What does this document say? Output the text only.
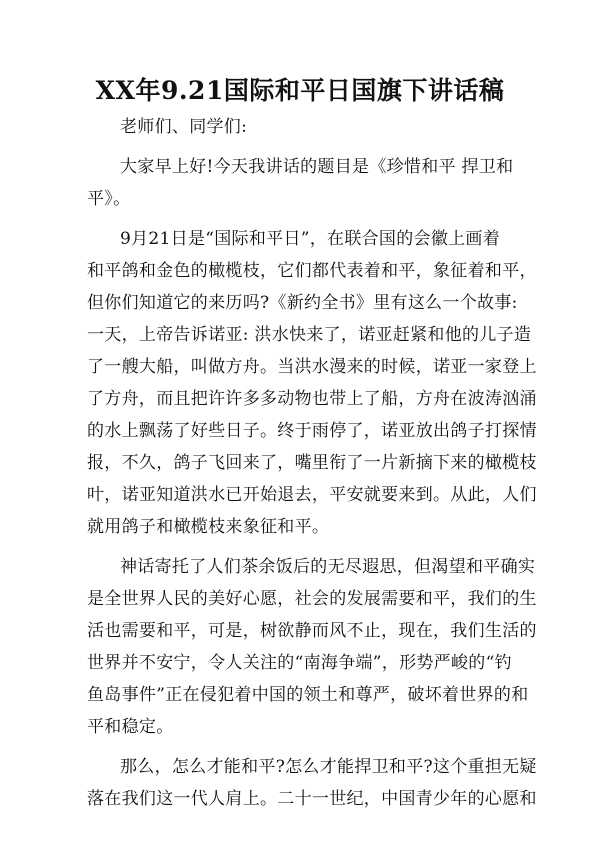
XX年9.21国际和平日国旗下讲话稿
老师们、同学们:
大家早上好!今天我讲话的题目是《珍惜和平 捍卫和
平》。
9月21日是“国际和平日”，在联合国的会徽上画着
和平鸽和金色的橄榄枝，它们都代表着和平，象征着和平，
但你们知道它的来历吗?《新约全书》里有这么一个故事:
一天，上帝告诉诺亚: 洪水快来了，诺亚赶紧和他的儿子造
了一艘大船，叫做方舟。当洪水漫来的时候，诺亚一家登上
了方舟，而且把许许多多动物也带上了船，方舟在波涛汹涌
的水上飘荡了好些日子。终于雨停了，诺亚放出鸽子打探情
报，不久，鸽子飞回来了，嘴里衔了一片新摘下来的橄榄枝
叶，诺亚知道洪水已开始退去，平安就要来到。从此，人们
就用鸽子和橄榄枝来象征和平。
神话寄托了人们茶余饭后的无尽遐思，但渴望和平确实
是全世界人民的美好心愿，社会的发展需要和平，我们的生
活也需要和平，可是，树欲静而风不止，现在，我们生活的
世界并不安宁，令人关注的“南海争端”，形势严峻的“钓
鱼岛事件”正在侵犯着中国的领土和尊严，破坏着世界的和
平和稳定。
那么，怎么才能和平?怎么才能捍卫和平?这个重担无疑
落在我们这一代人肩上。二十一世纪，中国青少年的心愿和
